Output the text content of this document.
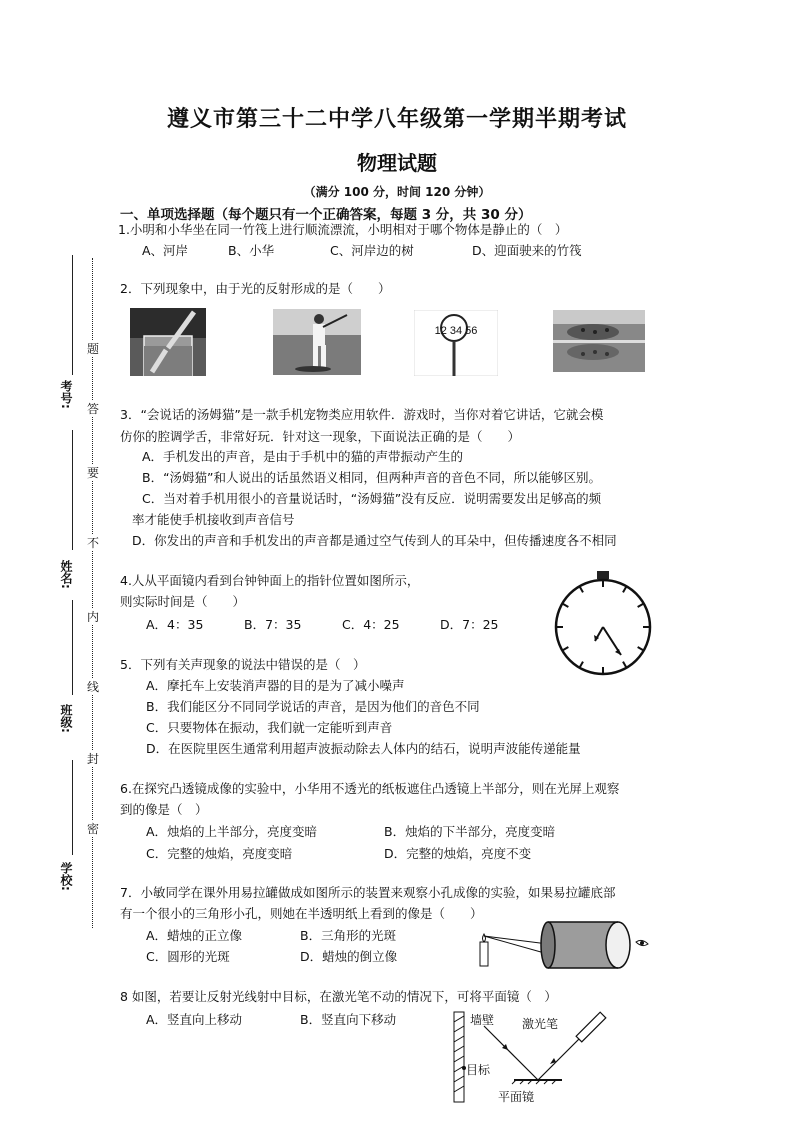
遵义市第三十二中学八年级第一学期半期考试
物理试题
（满分 100 分，时间 120 分钟）
一、单项选择题（每个题只有一个正确答案，每题 3 分，共 30 分）
考号:
姓名:
班级:
学校:
题
答
要
不
内
线
封
密
1.小明和小华坐在同一竹筏上进行顺流漂流，小明相对于哪个物体是静止的（　）
A、河岸	B、小华	C、河岸边的树	D、迎面驶来的竹筏
2．下列现象中，由于光的反射形成的是（　　）
12 34 56
3．“会说话的汤姆猫”是一款手机宠物类应用软件．游戏时，当你对着它讲话，它就会模
仿你的腔调学舌，非常好玩．针对这一现象，下面说法正确的是（　　）
A．手机发出的声音，是由于手机中的猫的声带振动产生的
B．“汤姆猫”和人说出的话虽然语义相同，但两种声音的音色不同，所以能够区别。
C．当对着手机用很小的音量说话时，“汤姆猫”没有反应．说明需要发出足够高的频
率才能使手机接收到声音信号
D．你发出的声音和手机发出的声音都是通过空气传到人的耳朵中，但传播速度各不相同
4.人从平面镜内看到台钟钟面上的指针位置如图所示，
则实际时间是（　　）
A．4：35	B．7：35	C．4：25	D．7：25
5．下列有关声现象的说法中错误的是（　）
A．摩托车上安装消声器的目的是为了减小噪声
B．我们能区分不同同学说话的声音，是因为他们的音色不同
C．只要物体在振动，我们就一定能听到声音
D．在医院里医生通常利用超声波振动除去人体内的结石，说明声波能传递能量
6.在探究凸透镜成像的实验中，小华用不透光的纸板遮住凸透镜上半部分，则在光屏上观察
到的像是（　）
A．烛焰的上半部分，亮度变暗	B．烛焰的下半部分，亮度变暗
C．完整的烛焰，亮度变暗	D．完整的烛焰，亮度不变
7．小敏同学在课外用易拉罐做成如图所示的装置来观察小孔成像的实验，如果易拉罐底部
有一个很小的三角形小孔，则她在半透明纸上看到的像是（　　）
A．蜡烛的正立像	B．三角形的光斑
C．圆形的光斑	D．蜡烛的倒立像
8 如图，若要让反射光线射中目标，在激光笔不动的情况下，可将平面镜（　）
A．竖直向上移动	B．竖直向下移动	墙壁 激光笔
目标
平面镜
